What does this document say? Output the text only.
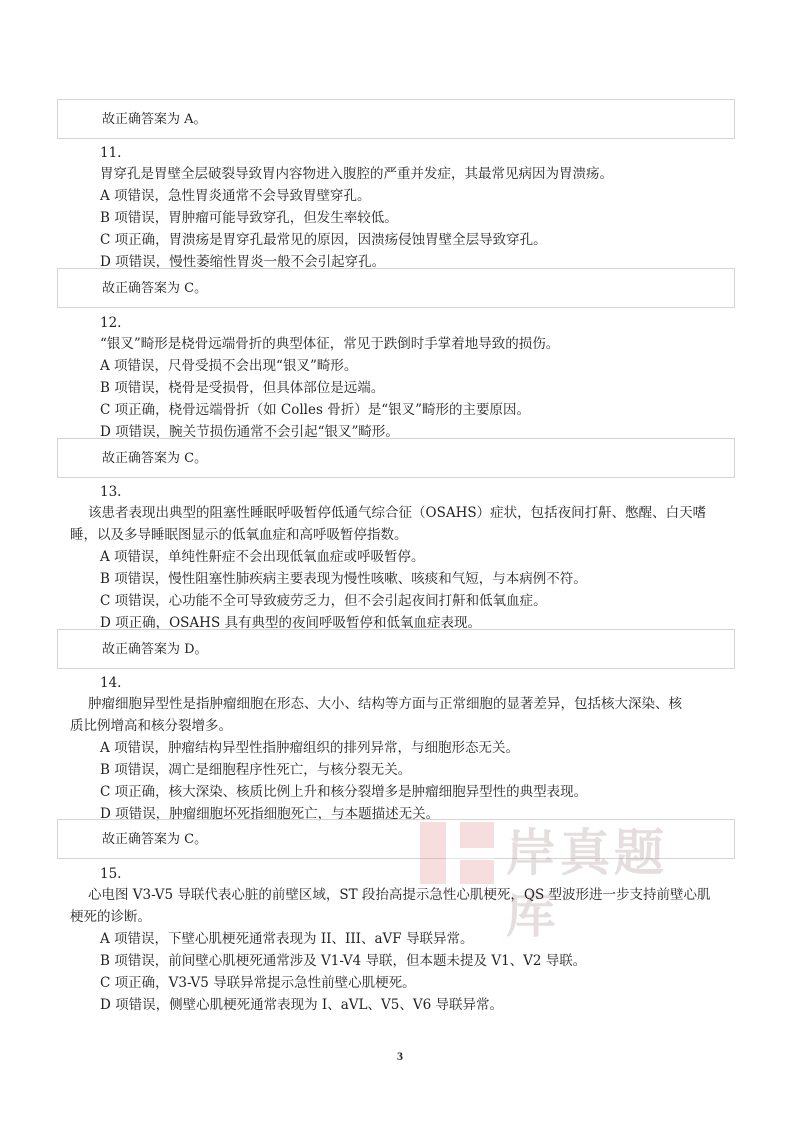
故正确答案为 A。
11.
胃穿孔是胃壁全层破裂导致胃内容物进入腹腔的严重并发症，其最常见病因为胃溃疡。
A 项错误，急性胃炎通常不会导致胃壁穿孔。
B 项错误，胃肿瘤可能导致穿孔，但发生率较低。
C 项正确，胃溃疡是胃穿孔最常见的原因，因溃疡侵蚀胃壁全层导致穿孔。
D 项错误，慢性萎缩性胃炎一般不会引起穿孔。
故正确答案为 C。
12.
“银叉”畸形是桡骨远端骨折的典型体征，常见于跌倒时手掌着地导致的损伤。
A 项错误，尺骨受损不会出现“银叉”畸形。
B 项错误，桡骨是受损骨，但具体部位是远端。
C 项正确，桡骨远端骨折（如 Colles 骨折）是“银叉”畸形的主要原因。
D 项错误，腕关节损伤通常不会引起“银叉”畸形。
故正确答案为 C。
13.
该患者表现出典型的阻塞性睡眠呼吸暂停低通气综合征（OSAHS）症状，包括夜间打鼾、憋醒、白天嗜
睡，以及多导睡眠图显示的低氧血症和高呼吸暂停指数。
A 项错误，单纯性鼾症不会出现低氧血症或呼吸暂停。
B 项错误，慢性阻塞性肺疾病主要表现为慢性咳嗽、咳痰和气短，与本病例不符。
C 项错误，心功能不全可导致疲劳乏力，但不会引起夜间打鼾和低氧血症。
D 项正确，OSAHS 具有典型的夜间呼吸暂停和低氧血症表现。
故正确答案为 D。
14.
肿瘤细胞异型性是指肿瘤细胞在形态、大小、结构等方面与正常细胞的显著差异，包括核大深染、核
质比例增高和核分裂增多。
A 项错误，肿瘤结构异型性指肿瘤组织的排列异常，与细胞形态无关。
B 项错误，凋亡是细胞程序性死亡，与核分裂无关。
C 项正确，核大深染、核质比例上升和核分裂增多是肿瘤细胞异型性的典型表现。
D 项错误，肿瘤细胞坏死指细胞死亡，与本题描述无关。
故正确答案为 C。	岸真题库
15.
心电图 V3-V5 导联代表心脏的前壁区域，ST 段抬高提示急性心肌梗死，QS 型波形进一步支持前壁心肌
梗死的诊断。
A 项错误，下壁心肌梗死通常表现为 II、III、aVF 导联异常。
B 项错误，前间壁心肌梗死通常涉及 V1-V4 导联，但本题未提及 V1、V2 导联。
C 项正确，V3-V5 导联异常提示急性前壁心肌梗死。
D 项错误，侧壁心肌梗死通常表现为 I、aVL、V5、V6 导联异常。
3
